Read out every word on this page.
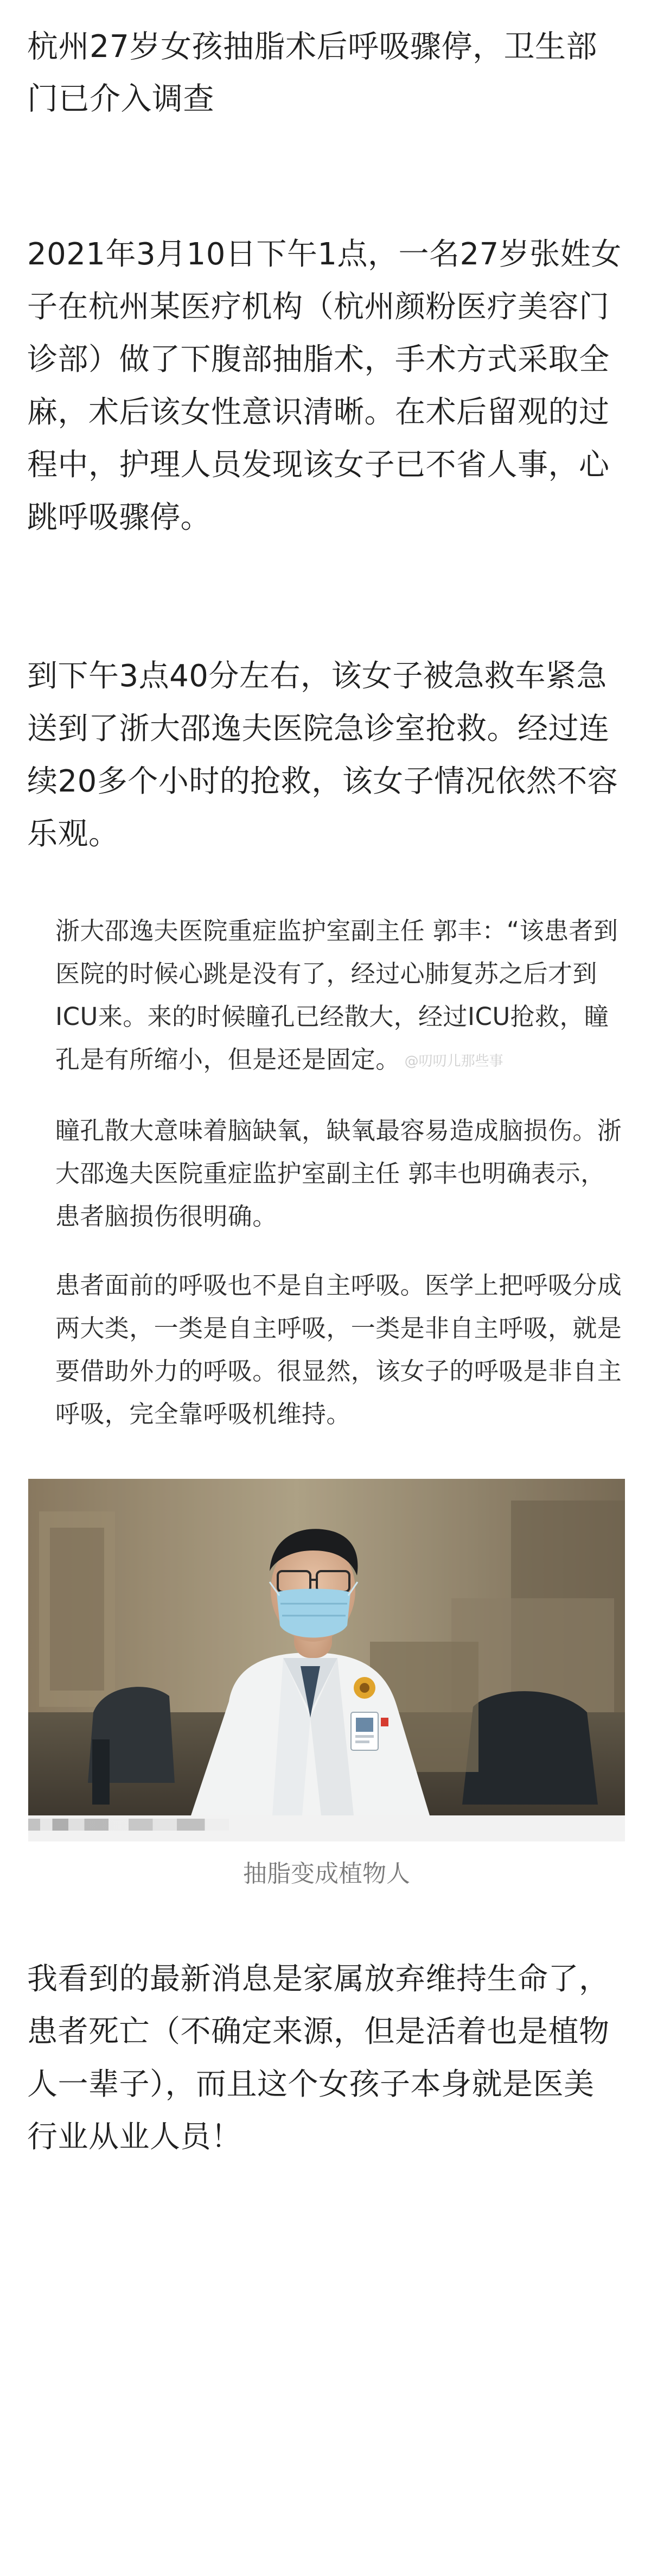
杭州27岁女孩抽脂术后呼吸骤停，卫生部门已介入调查

2021年3月10日下午1点，一名27岁张姓女子在杭州某医疗机构（杭州颜粉医疗美容门诊部）做了下腹部抽脂术，手术方式采取全麻，术后该女性意识清晰。在术后留观的过程中，护理人员发现该女子已不省人事，心跳呼吸骤停。

到下午3点40分左右，该女子被急救车紧急送到了浙大邵逸夫医院急诊室抢救。经过连续20多个小时的抢救，该女子情况依然不容乐观。

浙大邵逸夫医院重症监护室副主任 郭丰：“该患者到医院的时候心跳是没有了，经过心肺复苏之后才到ICU来。来的时候瞳孔已经散大，经过ICU抢救，瞳孔是有所缩小，但是还是固定。 @叨叨儿那些事

瞳孔散大意味着脑缺氧，缺氧最容易造成脑损伤。浙大邵逸夫医院重症监护室副主任 郭丰也明确表示，患者脑损伤很明确。

患者面前的呼吸也不是自主呼吸。医学上把呼吸分成两大类，一类是自主呼吸，一类是非自主呼吸，就是要借助外力的呼吸。很显然，该女子的呼吸是非自主呼吸，完全靠呼吸机维持。

抽脂变成植物人

我看到的最新消息是家属放弃维持生命了，患者死亡（不确定来源，但是活着也是植物人一辈子），而且这个女孩子本身就是医美行业从业人员！
